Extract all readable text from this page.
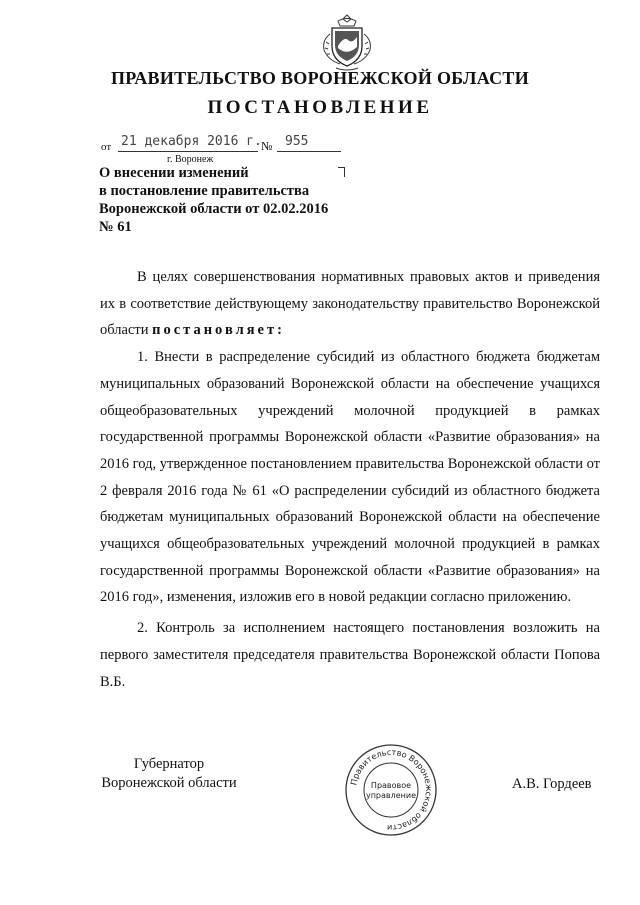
ПРАВИТЕЛЬСТВО ВОРОНЕЖСКОЙ ОБЛАСТИ
ПОСТАНОВЛЕНИЕ
от 21 декабря 2016 г. № 955
г. Воронеж
О внесении изменений
в постановление правительства
Воронежской области от 02.02.2016
№ 61

В целях совершенствования нормативных правовых актов и приведения их в соответствие действующему законодательству правительство Воронежской области постановляет:

1. Внести в распределение субсидий из областного бюджета бюджетам муниципальных образований Воронежской области на обеспечение учащихся общеобразовательных учреждений молочной продукцией в рамках государственной программы Воронежской области «Развитие образования» на 2016 год, утвержденное постановлением правительства Воронежской области от 2 февраля 2016 года № 61 «О распределении субсидий из областного бюджета бюджетам муниципальных образований Воронежской области на обеспечение учащихся общеобразовательных учреждений молочной продукцией в рамках государственной программы Воронежской области «Развитие образования» на 2016 год», изменения, изложив его в новой редакции согласно приложению.

2. Контроль за исполнением настоящего постановления возложить на первого заместителя председателя правительства Воронежской области Попова В.Б.

Губернатор
Воронежской области	Правительство Воронежской области
Правовое
управление
А.В. Гордеев
